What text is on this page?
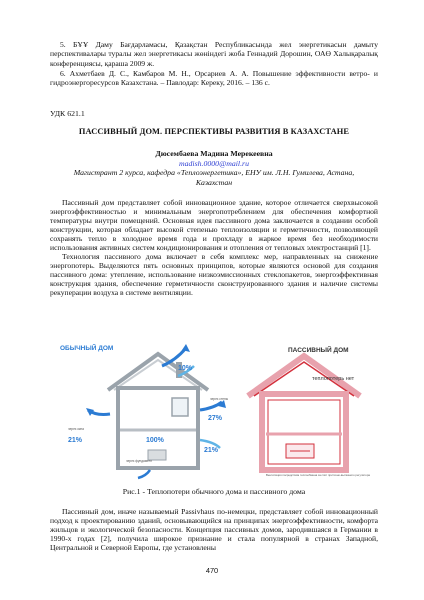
5. БҰҰ Даму Бағдарламасы, Қазақстан Республикасында жел энергетикасын дамыту перспективалары туралы жел энергетикасы жөніндегі жоба Геннадий Дорошин, ОАӨ Халықаралық конференциясы, қараша 2009 ж.

6. Ахметбаев Д. С., Камбаров М. Н., Орсариев А. А. Повышение эффективности ветро- и гидроэнергоресурсов Казахстана. – Павлодар: Кереку, 2016. – 136 с.

УДК 621.1
ПАССИВНЫЙ ДОМ. ПЕРСПЕКТИВЫ РАЗВИТИЯ В КАЗАХСТАНЕ
Дюсембаева Мадина Мерекеевна
madish.0000@mail.ru
Магистрант 2 курса, кафедра «Теплоэнергетика», ЕНУ им. Л.Н. Гумилева, Астана,
Казахстан

Пассивный дом представляет собой инновационное здание, которое отличается сверхвысокой энергоэффективностью и минимальным энергопотреблением для обеспечения комфортной температуры внутри помещений. Основная идея пассивного дома заключается в создании особой конструкции, которая обладает высокой степенью теплоизоляции и герметичности, позволяющей сохранять тепло в холодное время года и прохладу в жаркое время без необходимости использования активных систем кондиционирования и отопления от тепловых электростанций [1].

Технология пассивного дома включает в себя комплекс мер, направленных на снижение энергопотерь. Выделяются пять основных принципов, которые являются основой для создания пассивного дома: утепление, использование низкоэмиссионных стеклопакетов, энергоэффективная конструкция здания, обеспечение герметичности сконструированного здания и наличие системы рекуперации воздуха в системе вентиляции.

ОБЫЧНЫЙ ДОМ
10%
через стены
27%
через окна
21%
21%
через фундамент
100%
ПАССИВНЫЙ ДОМ
теплопотерь нет
Вентиляция посредством теплообмена за счёт приточно-вытяжного регулятора
Рис.1 - Теплопотери обычного дома и пассивного дома

Пассивный дом, иначе называемый Passivhaus по-немецки, представляет собой инновационный подход к проектированию зданий, основывающийся на принципах энергоэффективности, комфорта жильцов и экологической безопасности. Концепция пассивных домов, зародившаяся в Германии в 1990-х годах [2], получила широкое признание и стала популярной в странах Западной, Центральной и Северной Европы, где установлены

470
